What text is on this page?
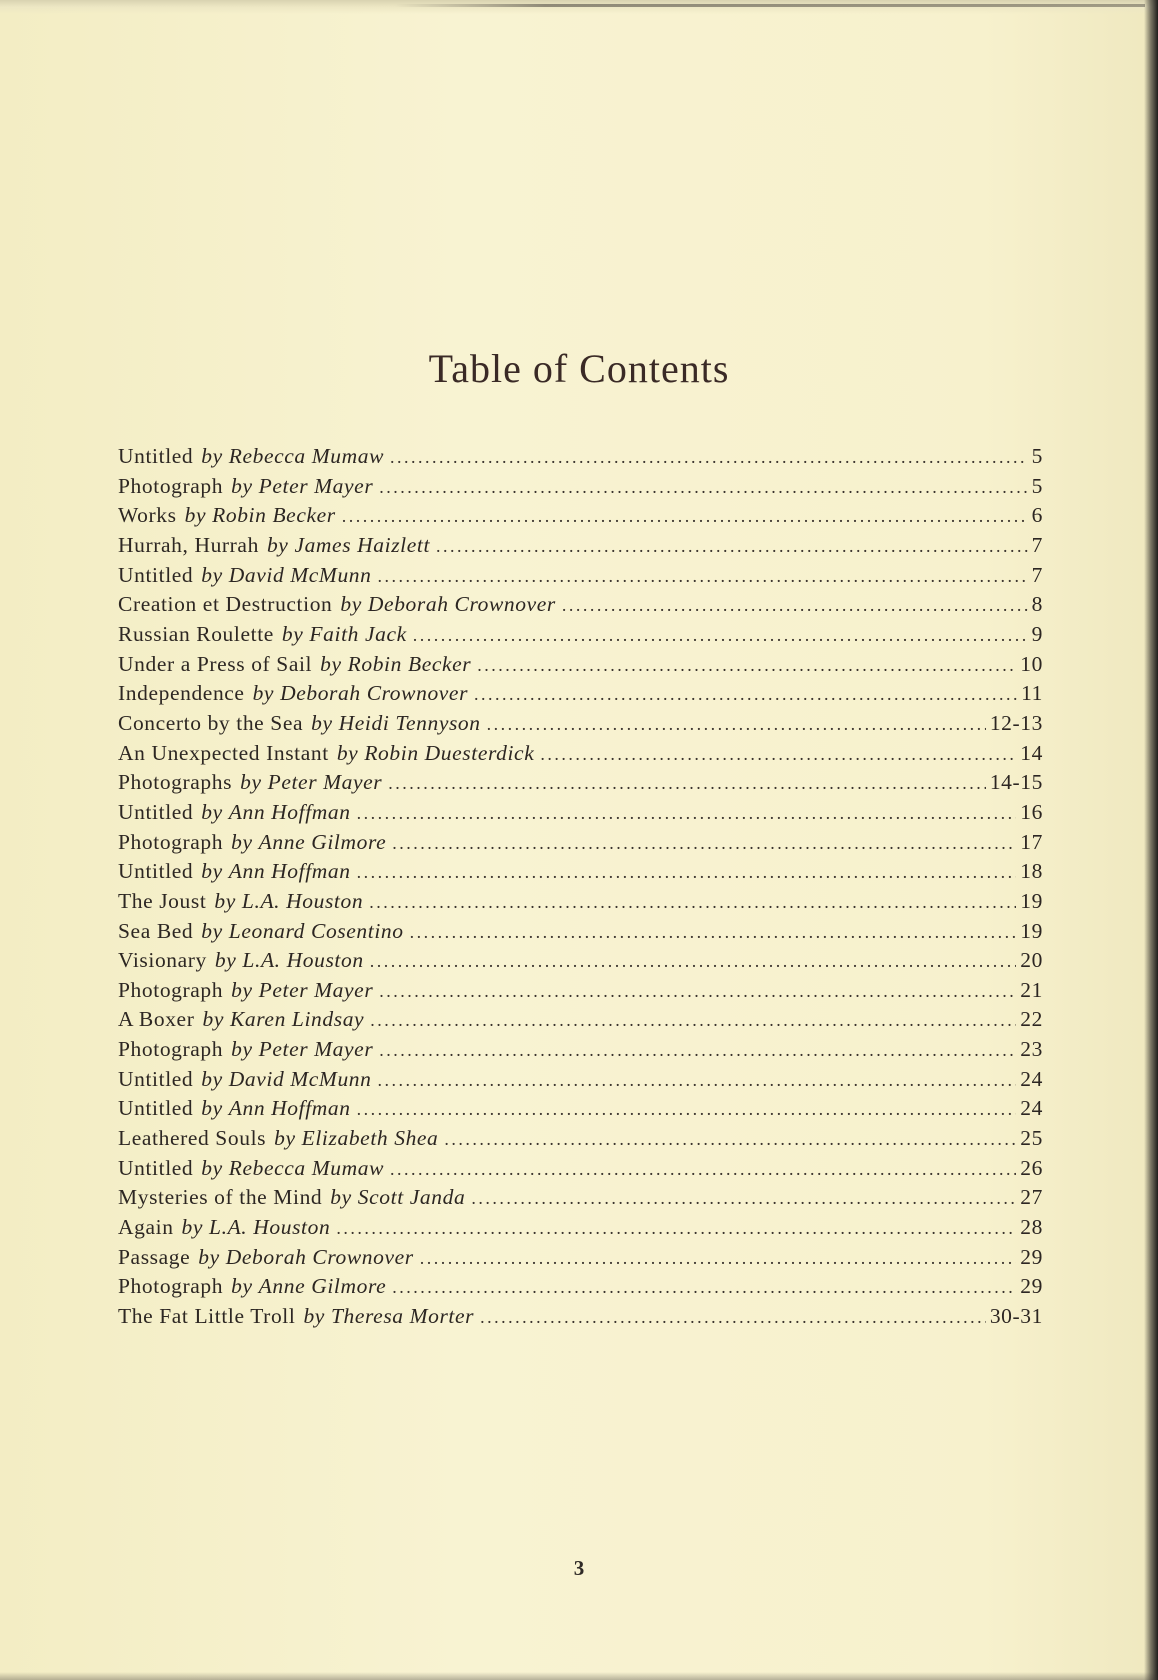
Table of Contents
Untitled by Rebecca Mumaw . . .	5
Photograph by Peter Mayer . . .	5
Works by Robin Becker . . .	6
Hurrah, Hurrah by James Haizlett . . .	7
Untitled by David McMunn . . .	7
Creation et Destruction by Deborah Crownover . . .	8
Russian Roulette by Faith Jack . . .	9
Under a Press of Sail by Robin Becker . . .	10
Independence by Deborah Crownover . . .	11
Concerto by the Sea by Heidi Tennyson . . .	12-13
An Unexpected Instant by Robin Duesterdick . . .	14
Photographs by Peter Mayer . . .	14-15
Untitled by Ann Hoffman . . .	16
Photograph by Anne Gilmore . . .	17
Untitled by Ann Hoffman . . .	18
The Joust by L.A. Houston . . .	19
Sea Bed by Leonard Cosentino . . .	19
Visionary by L.A. Houston . . .	20
Photograph by Peter Mayer . . .	21
A Boxer by Karen Lindsay . . .	22
Photograph by Peter Mayer . . .	23
Untitled by David McMunn . . .	24
Untitled by Ann Hoffman . . .	24
Leathered Souls by Elizabeth Shea . . .	25
Untitled by Rebecca Mumaw . . .	26
Mysteries of the Mind by Scott Janda . . .	27
Again by L.A. Houston . . .	28
Passage by Deborah Crownover . . .	29
Photograph by Anne Gilmore . . .	29
The Fat Little Troll by Theresa Morter . . .	30-31
3
